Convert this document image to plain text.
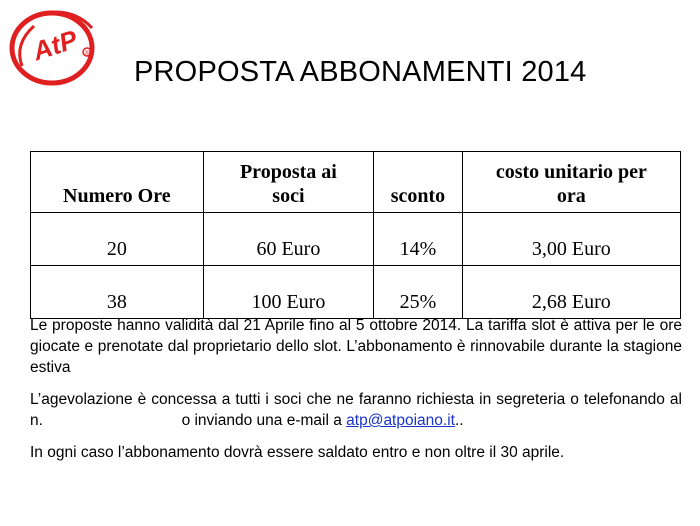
AtP ®
PROPOSTA ABBONAMENTI 2014
Numero Ore	Proposta ai soci	sconto	costo unitario per ora
20	60 Euro	14%	3,00 Euro
38	100 Euro	25%	2,68 Euro

Le proposte hanno validità dal 21 Aprile fino al 5 ottobre 2014. La tariffa slot è attiva per le ore giocate e prenotate dal proprietario dello slot. L’abbonamento è rinnovabile durante la stagione estiva

L’agevolazione è concessa a tutti i soci che ne faranno richiesta in segreteria o telefonando al n.	o inviando una e-mail a atp@atpoiano.it..

In ogni caso l’abbonamento dovrà essere saldato entro e non oltre il 30 aprile.
